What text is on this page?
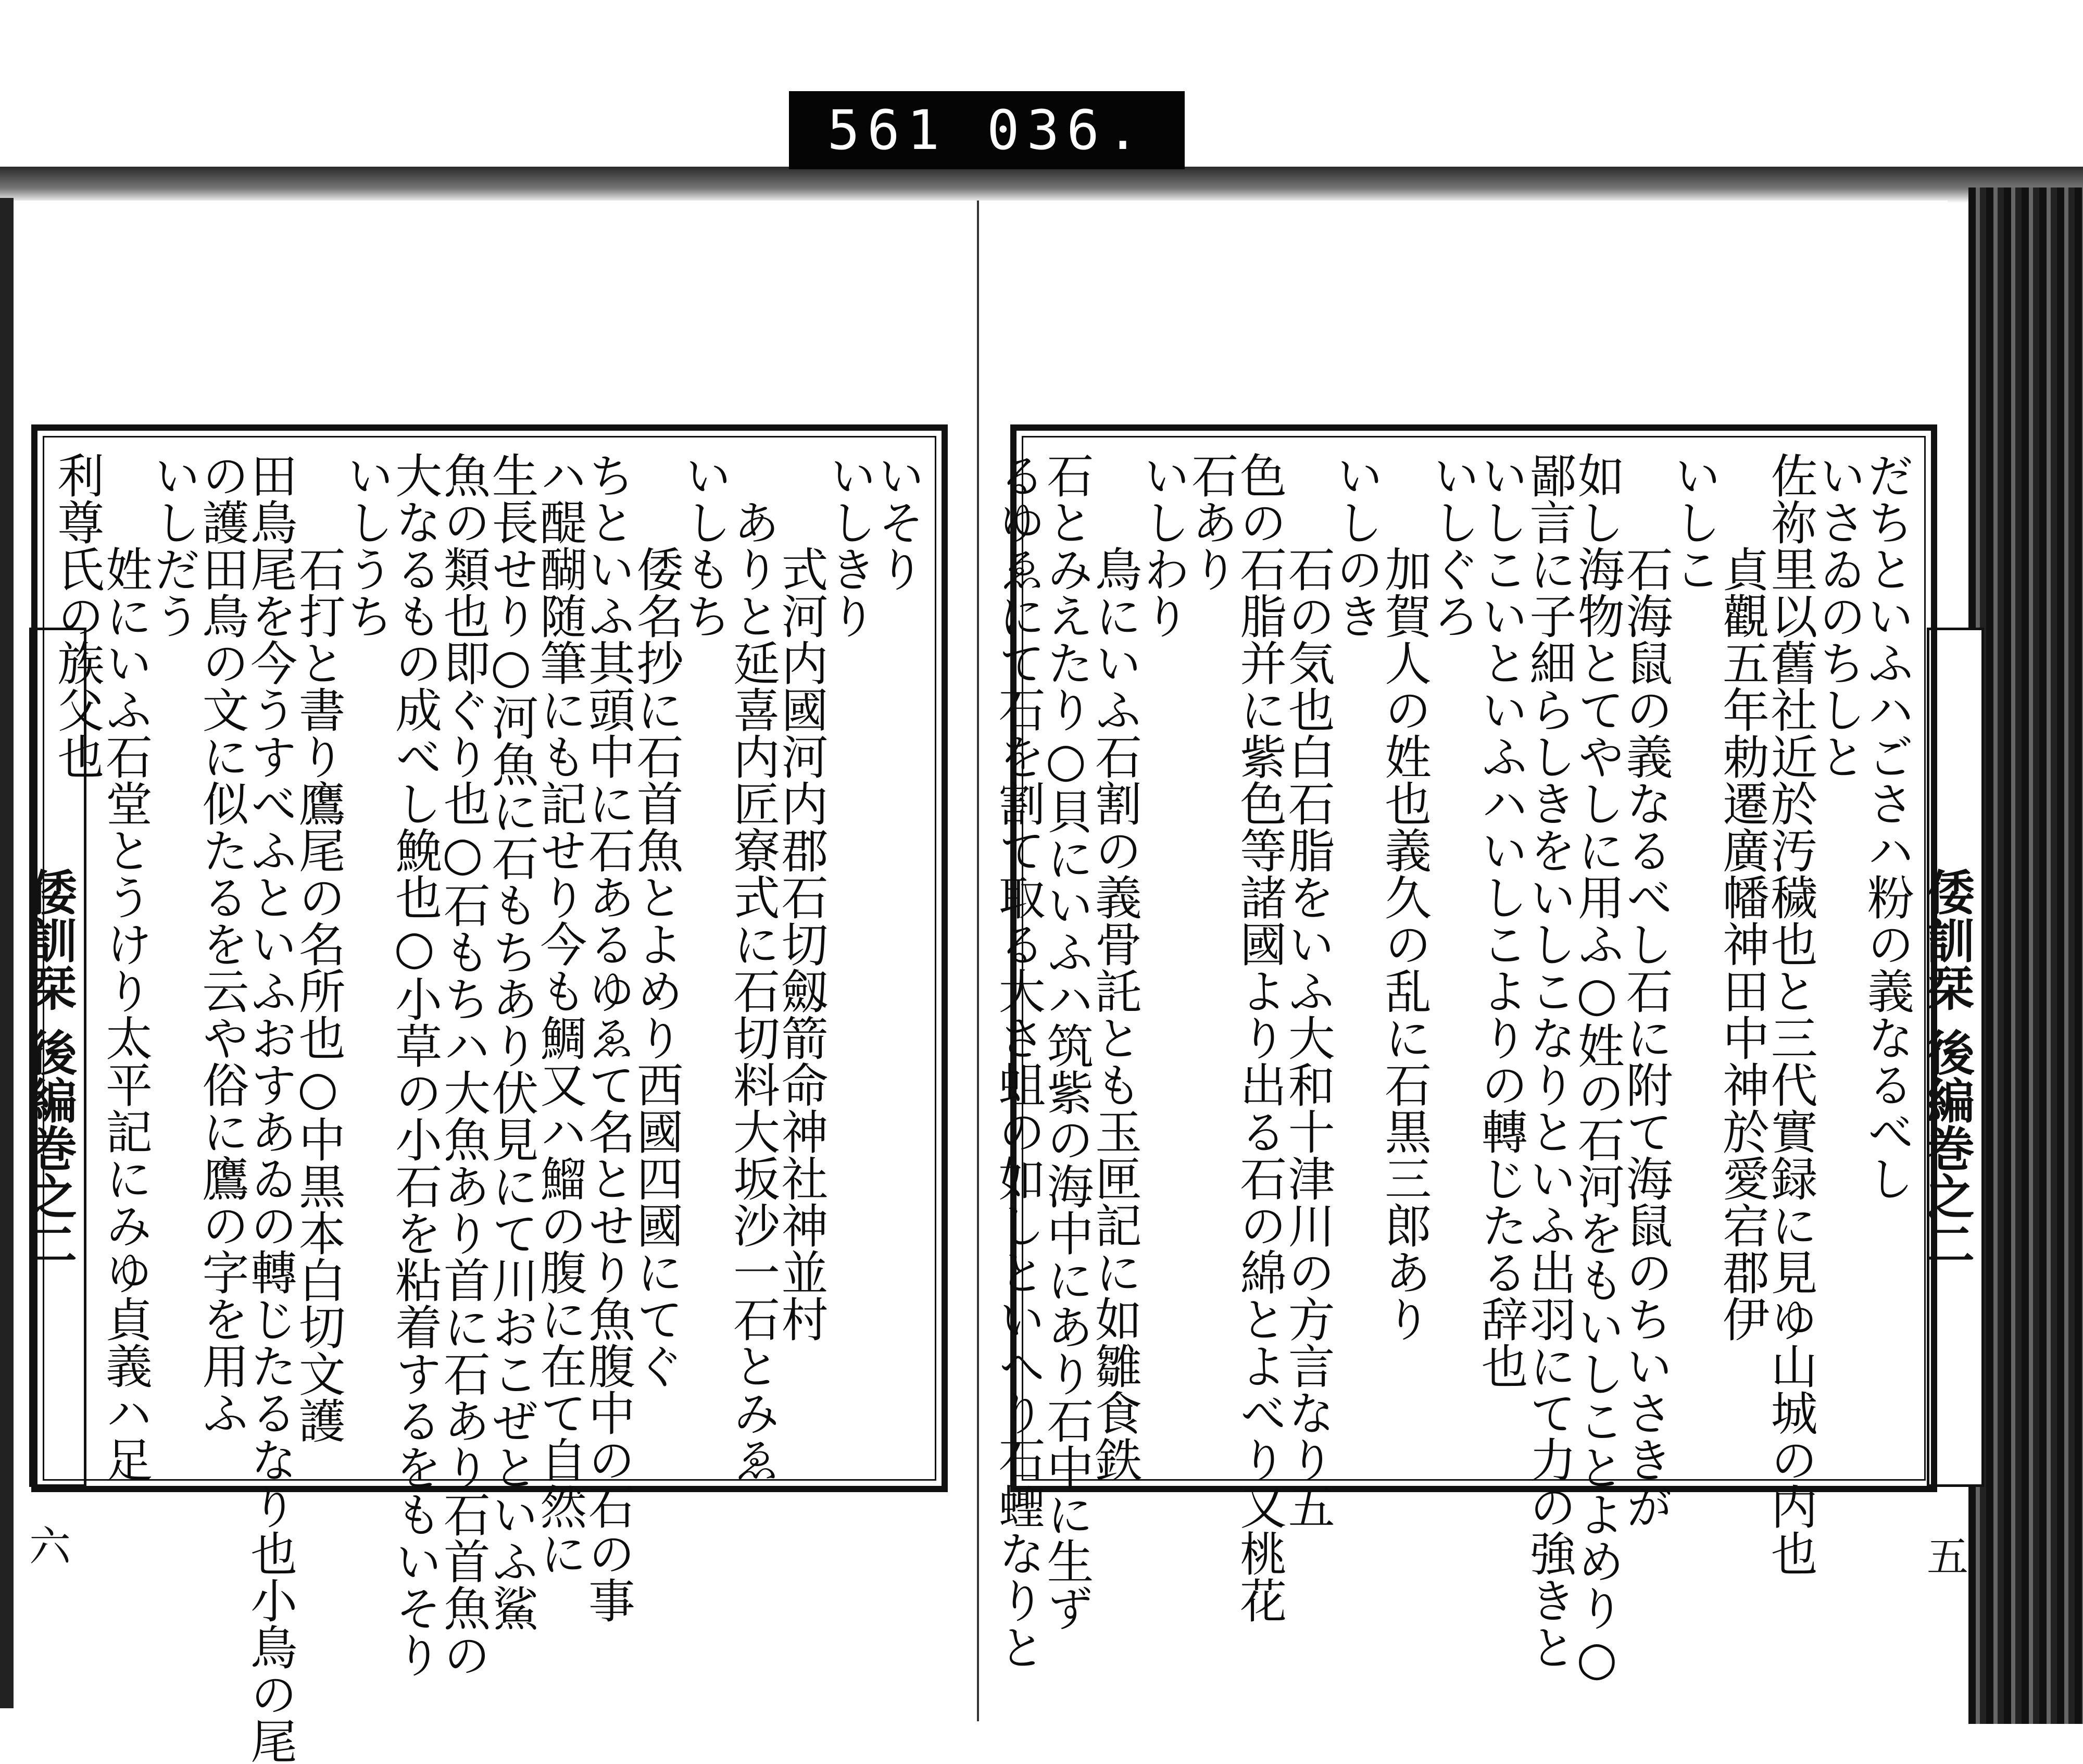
561 036.
倭訓栞 後編巻之二
六
倭訓栞 後編巻之二
五

いそり

いしきり

　　式河内國河内郡石切劔箭命神社神並村

　ありと延喜内匠寮式に石切料大坂沙一石とみゑ

いしもち

　　倭名抄に石首魚とよめり西國四國にてぐ

ちといふ其頭中に石あるゆゑて名とせり魚腹中の石の事

ハ醍醐随筆にも記せり今も鯛又ハ鰡の腹に在て自然に

生長せり○河魚に石もちあり伏見にて川おこぜといふ鯊

魚の類也即ぐり也○石もちハ大魚あり首に石あり石首魚の

大なるもの成べし鮸也○小草の小石を粘着するをもいそり

いしうち

　　石打と書り鷹尾の名所也○中黒本白切文護

田鳥尾を今うすべふといふおすあゐの轉じたるなり也小鳥の尾

の護田鳥の文に似たるを云や俗に鷹の字を用ふ

いしだう

　　姓にいふ石堂とうけり太平記にみゆ貞義ハ足

利尊氏の族父也	だちといふハごさハ粉の義なるべし

いさゐのちしと

佐祢里以舊社近於汚穢也と三代實録に見ゆ山城の内也

　　貞觀五年勅遷廣幡神田中神於愛宕郡伊

いしこ

　　石海鼠の義なるべし石に附て海鼠のちいさきが

如し海物とてやしに用ふ○姓の石河をもいしことよめり○

鄙言に子細らしきをいしこなりといふ出羽にて力の強きと

いしこいといふハいしこよりの轉じたる辞也

いしぐろ

　　加賀人の姓也義久の乱に石黒三郎あり

いしのき

　　石の気也白石脂をいふ大和十津川の方言なり五

色の石脂并に紫色等諸國より出る石の綿とよべり又桃花

石あり

いしわり

　　鳥にいふ石割の義骨託とも玉匣記に如雛食鉄

石とみえたり○貝にいふハ筑紫の海中にあり石中に生ず

るゆゑにて石を割て取る大さ蛆の如しといへり石蟶なりと
